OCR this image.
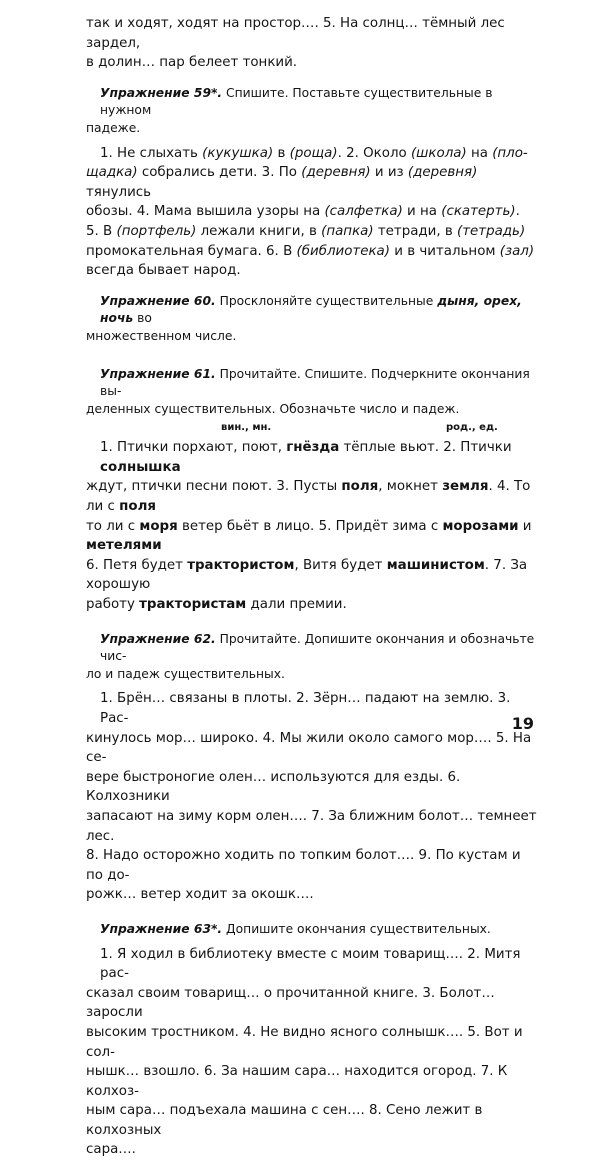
так и ходят, ходят на простор…. 5. На солнц… тёмный лес зардел,

в долин… пар белеет тонкий.

Упражнение 59*. Спишите. Поставьте существительные в нужном

падеже.

1. Не слыхать (кукушка) в (роща). 2. Около (школа) на (пло-

щадка) собрались дети. 3. По (деревня) и из (деревня) тянулись

обозы. 4. Мама вышила узоры на (салфетка) и на (скатерть).

5. В (портфель) лежали книги, в (папка) тетради, в (тетрадь)

промокательная бумага. 6. В (библиотека) и в читальном (зал)

всегда бывает народ.

Упражнение 60. Просклоняйте существительные дыня, орех, ночь во

множественном числе.

Упражнение 61. Прочитайте. Спишите. Подчеркните окончания вы-

деленных существительных. Обозначьте число и падеж.

вин., мн.	род., ед.

1. Птички порхают, поют, гнёзда тёплые вьют. 2. Птички солнышка

ждут, птички песни поют. 3. Пусты поля, мокнет земля. 4. То ли с поля

то ли с моря ветер бьёт в лицо. 5. Придёт зима с морозами и метелями

6. Петя будет трактористом, Витя будет машинистом. 7. За хорошую

работу трактористам дали премии.

Упражнение 62. Прочитайте. Допишите окончания и обозначьте чис-

ло и падеж существительных.

1. Брён… связаны в плоты. 2. Зёрн… падают на землю. 3. Рас-

кинулось мор… широко. 4. Мы жили около самого мор…. 5. На се-

вере быстроногие олен… используются для езды. 6. Колхозники

запасают на зиму корм олен…. 7. За ближним болот… темнеет лес.

8. Надо осторожно ходить по топким болот…. 9. По кустам и по до-

рожк… ветер ходит за окошк….

Упражнение 63*. Допишите окончания существительных.

1. Я ходил в библиотеку вместе с моим товарищ…. 2. Митя рас-

сказал своим товарищ… о прочитанной книге. 3. Болот… заросли

высоким тростником. 4. Не видно ясного солнышк…. 5. Вот и сол-

нышк… взошло. 6. За нашим сара… находится огород. 7. К колхоз-

ным сара… подъехала машина с сен…. 8. Сено лежит в колхозных

сара….

19
